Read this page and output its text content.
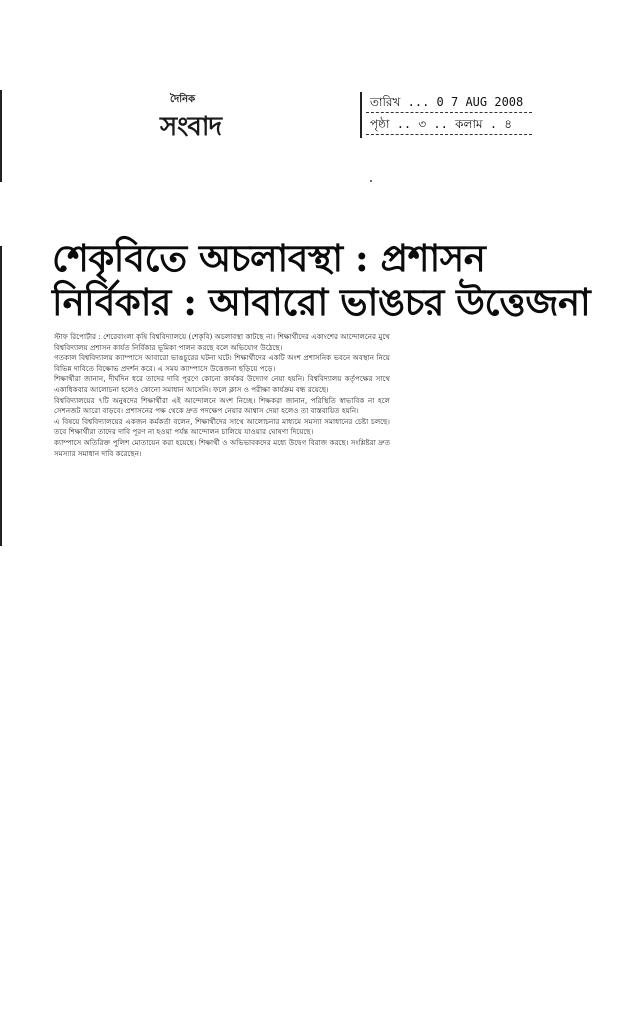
দৈনিক
সংবাদ
তারিখ ... 0 7 AUG 2008
পৃষ্ঠা .. ৩ .. কলাম . ৪
শেকৃবিতে অচলাবস্থা : প্রশাসন
নির্বিকার : আবারো ভাঙচর উত্তেজনা

স্টাফ রিপোর্টার : শেরেবাংলা কৃষি বিশ্ববিদ্যালয়ে (শেকৃবি) অচলাবস্থা কাটছে না। শিক্ষার্থীদের একাংশের আন্দোলনের মুখে বিশ্ববিদ্যালয় প্রশাসন কার্যত নির্বিকার ভূমিকা পালন করছে বলে অভিযোগ উঠেছে।

গতকাল বিশ্ববিদ্যালয় ক্যাম্পাসে আবারো ভাঙচুরের ঘটনা ঘটে। শিক্ষার্থীদের একটি অংশ প্রশাসনিক ভবনে অবস্থান নিয়ে বিভিন্ন দাবিতে বিক্ষোভ প্রদর্শন করে। এ সময় ক্যাম্পাসে উত্তেজনা ছড়িয়ে পড়ে।

শিক্ষার্থীরা জানান, দীর্ঘদিন ধরে তাদের দাবি পূরণে কোনো কার্যকর উদ্যোগ নেয়া হয়নি। বিশ্ববিদ্যালয় কর্তৃপক্ষের সাথে একাধিকবার আলোচনা হলেও কোনো সমাধান আসেনি। ফলে ক্লাস ও পরীক্ষা কার্যক্রম বন্ধ রয়েছে।

বিশ্ববিদ্যালয়ের ৭টি অনুষদের শিক্ষার্থীরা এই আন্দোলনে অংশ নিচ্ছে। শিক্ষকরা জানান, পরিস্থিতি স্বাভাবিক না হলে সেশনজট আরো বাড়বে। প্রশাসনের পক্ষ থেকে দ্রুত পদক্ষেপ নেয়ার আশ্বাস দেয়া হলেও তা বাস্তবায়িত হয়নি।

এ বিষয়ে বিশ্ববিদ্যালয়ের একজন কর্মকর্তা বলেন, শিক্ষার্থীদের সাথে আলোচনার মাধ্যমে সমস্যা সমাধানের চেষ্টা চলছে। তবে শিক্ষার্থীরা তাদের দাবি পূরণ না হওয়া পর্যন্ত আন্দোলন চালিয়ে যাওয়ার ঘোষণা দিয়েছে।

ক্যাম্পাসে অতিরিক্ত পুলিশ মোতায়েন করা হয়েছে। শিক্ষার্থী ও অভিভাবকদের মধ্যে উদ্বেগ বিরাজ করছে। সংশ্লিষ্টরা দ্রুত সমস্যার সমাধান দাবি করেছেন।
